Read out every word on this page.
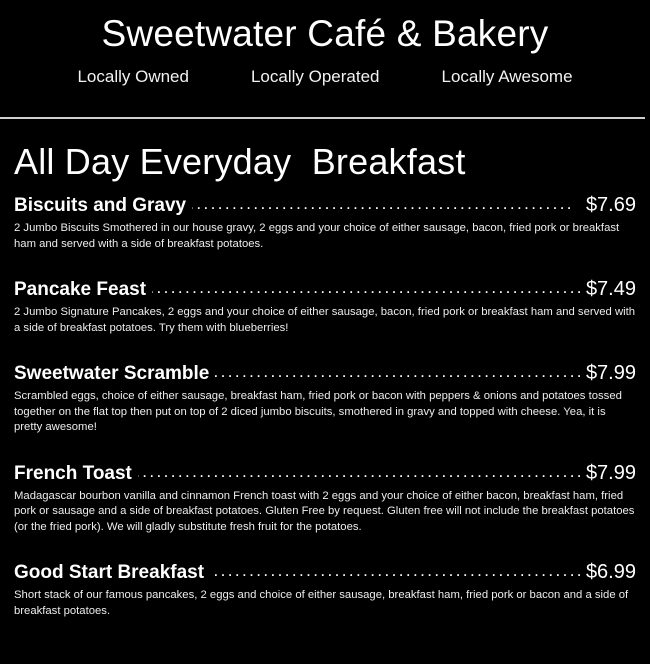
Sweetwater Café & Bakery
Locally Owned	Locally Operated	Locally Awesome
All Day Everyday  Breakfast
Biscuits and Gravy .....	$7.69
2 Jumbo Biscuits Smothered in our house gravy, 2 eggs and your choice of either sausage, bacon, fried pork or breakfast ham and served with a side of breakfast potatoes.
Pancake Feast .....	$7.49
2 Jumbo Signature Pancakes, 2 eggs and your choice of either sausage, bacon, fried pork or breakfast ham and served with a side of breakfast potatoes. Try them with blueberries!
Sweetwater Scramble .....	$7.99
Scrambled eggs, choice of either sausage, breakfast ham, fried pork or bacon with peppers & onions and potatoes tossed together on the flat top then put on top of 2 diced jumbo biscuits, smothered in gravy and topped with cheese. Yea, it is pretty awesome!
French Toast .....	$7.99
Madagascar bourbon vanilla and cinnamon French toast with 2 eggs and your choice of either bacon, breakfast ham, fried pork or sausage and a side of breakfast potatoes. Gluten Free by request. Gluten free will not include the breakfast potatoes (or the fried pork). We will gladly substitute fresh fruit for the potatoes.
Good Start Breakfast .....	$6.99
Short stack of our famous pancakes, 2 eggs and choice of either sausage, breakfast ham, fried pork or bacon and a side of breakfast potatoes.
